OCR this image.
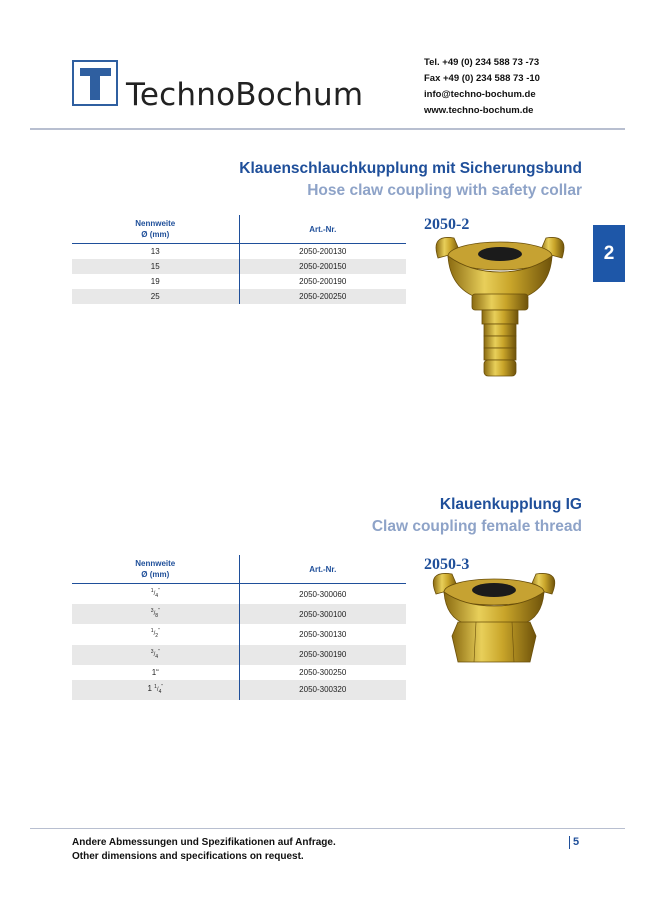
TechnoBochum
Tel. +49 (0) 234 588 73 -73
Fax +49 (0) 234 588 73 -10
info@techno-bochum.de
www.techno-bochum.de
2
Klauenschlauchkupplung mit Sicherungsbund
Hose claw coupling with safety collar
Nennweite
Ø (mm)	Art.-Nr.
13	2050-200130
15	2050-200150
19	2050-200190
25	2050-200250
2050-2
Klauenkupplung IG
Claw coupling female thread
Nennweite
Ø (mm)	Art.-Nr.
$^1/_4^“$	2050-300060
$^3/_8^“$	2050-300100
$^1/_2^“$	2050-300130
$^3/_4^“$	2050-300190
1“	2050-300250
1 $^1/_4^“$	2050-300320
2050-3
Andere Abmessungen und Spezifikationen auf Anfrage.
Other dimensions and specifications on request.
5
